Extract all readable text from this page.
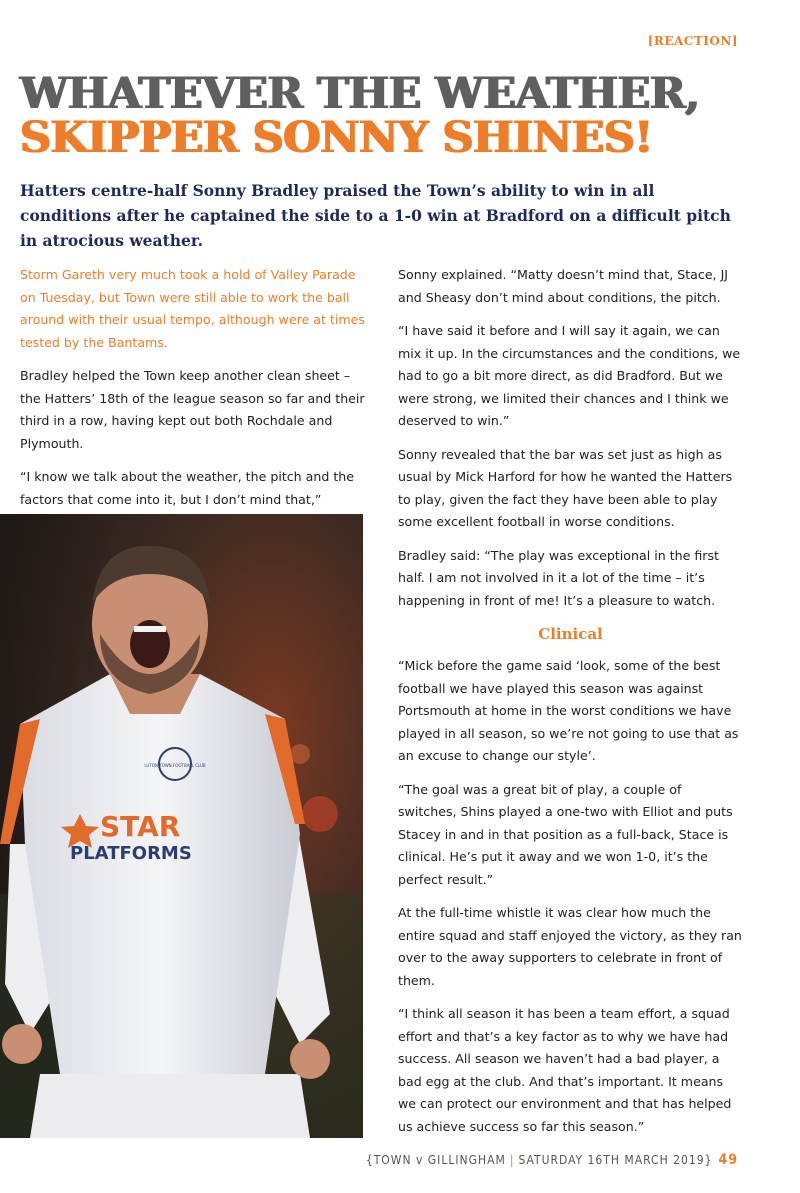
[REACTION]
WHATEVER THE WEATHER,
SKIPPER SONNY SHINES!

Hatters centre-half Sonny Bradley praised the Town’s ability to win in all conditions after he captained the side to a 1-0 win at Bradford on a difficult pitch in atrocious weather.

Storm Gareth very much took a hold of Valley Parade on Tuesday, but Town were still able to work the ball around with their usual tempo, although were at times tested by the Bantams.

Bradley helped the Town keep another clean sheet – the Hatters’ 18th of the league season so far and their third in a row, having kept out both Rochdale and Plymouth.

“I know we talk about the weather, the pitch and the factors that come into it, but I don’t mind that,”

LUTON TOWN FOOTBALL CLUB
STAR
PLATFORMS

Sonny explained. “Matty doesn’t mind that, Stace, JJ and Sheasy don’t mind about conditions, the pitch.

“I have said it before and I will say it again, we can mix it up. In the circumstances and the conditions, we had to go a bit more direct, as did Bradford. But we were strong, we limited their chances and I think we deserved to win.”

Sonny revealed that the bar was set just as high as usual by Mick Harford for how he wanted the Hatters to play, given the fact they have been able to play some excellent football in worse conditions.

Bradley said: “The play was exceptional in the first half. I am not involved in it a lot of the time – it’s happening in front of me! It’s a pleasure to watch.

Clinical

“Mick before the game said ‘look, some of the best football we have played this season was against Portsmouth at home in the worst conditions we have played in all season, so we’re not going to use that as an excuse to change our style’.

“The goal was a great bit of play, a couple of switches, Shins played a one-two with Elliot and puts Stacey in and in that position as a full-back, Stace is clinical. He’s put it away and we won 1-0, it’s the perfect result.”

At the full-time whistle it was clear how much the entire squad and staff enjoyed the victory, as they ran over to the away supporters to celebrate in front of them.

“I think all season it has been a team effort, a squad effort and that’s a key factor as to why we have had success. All season we haven’t had a bad player, a bad egg at the club. And that’s important. It means we can protect our environment and that has helped us achieve success so far this season.”

{TOWN v GILLINGHAM | SATURDAY 16TH MARCH 2019} 49
